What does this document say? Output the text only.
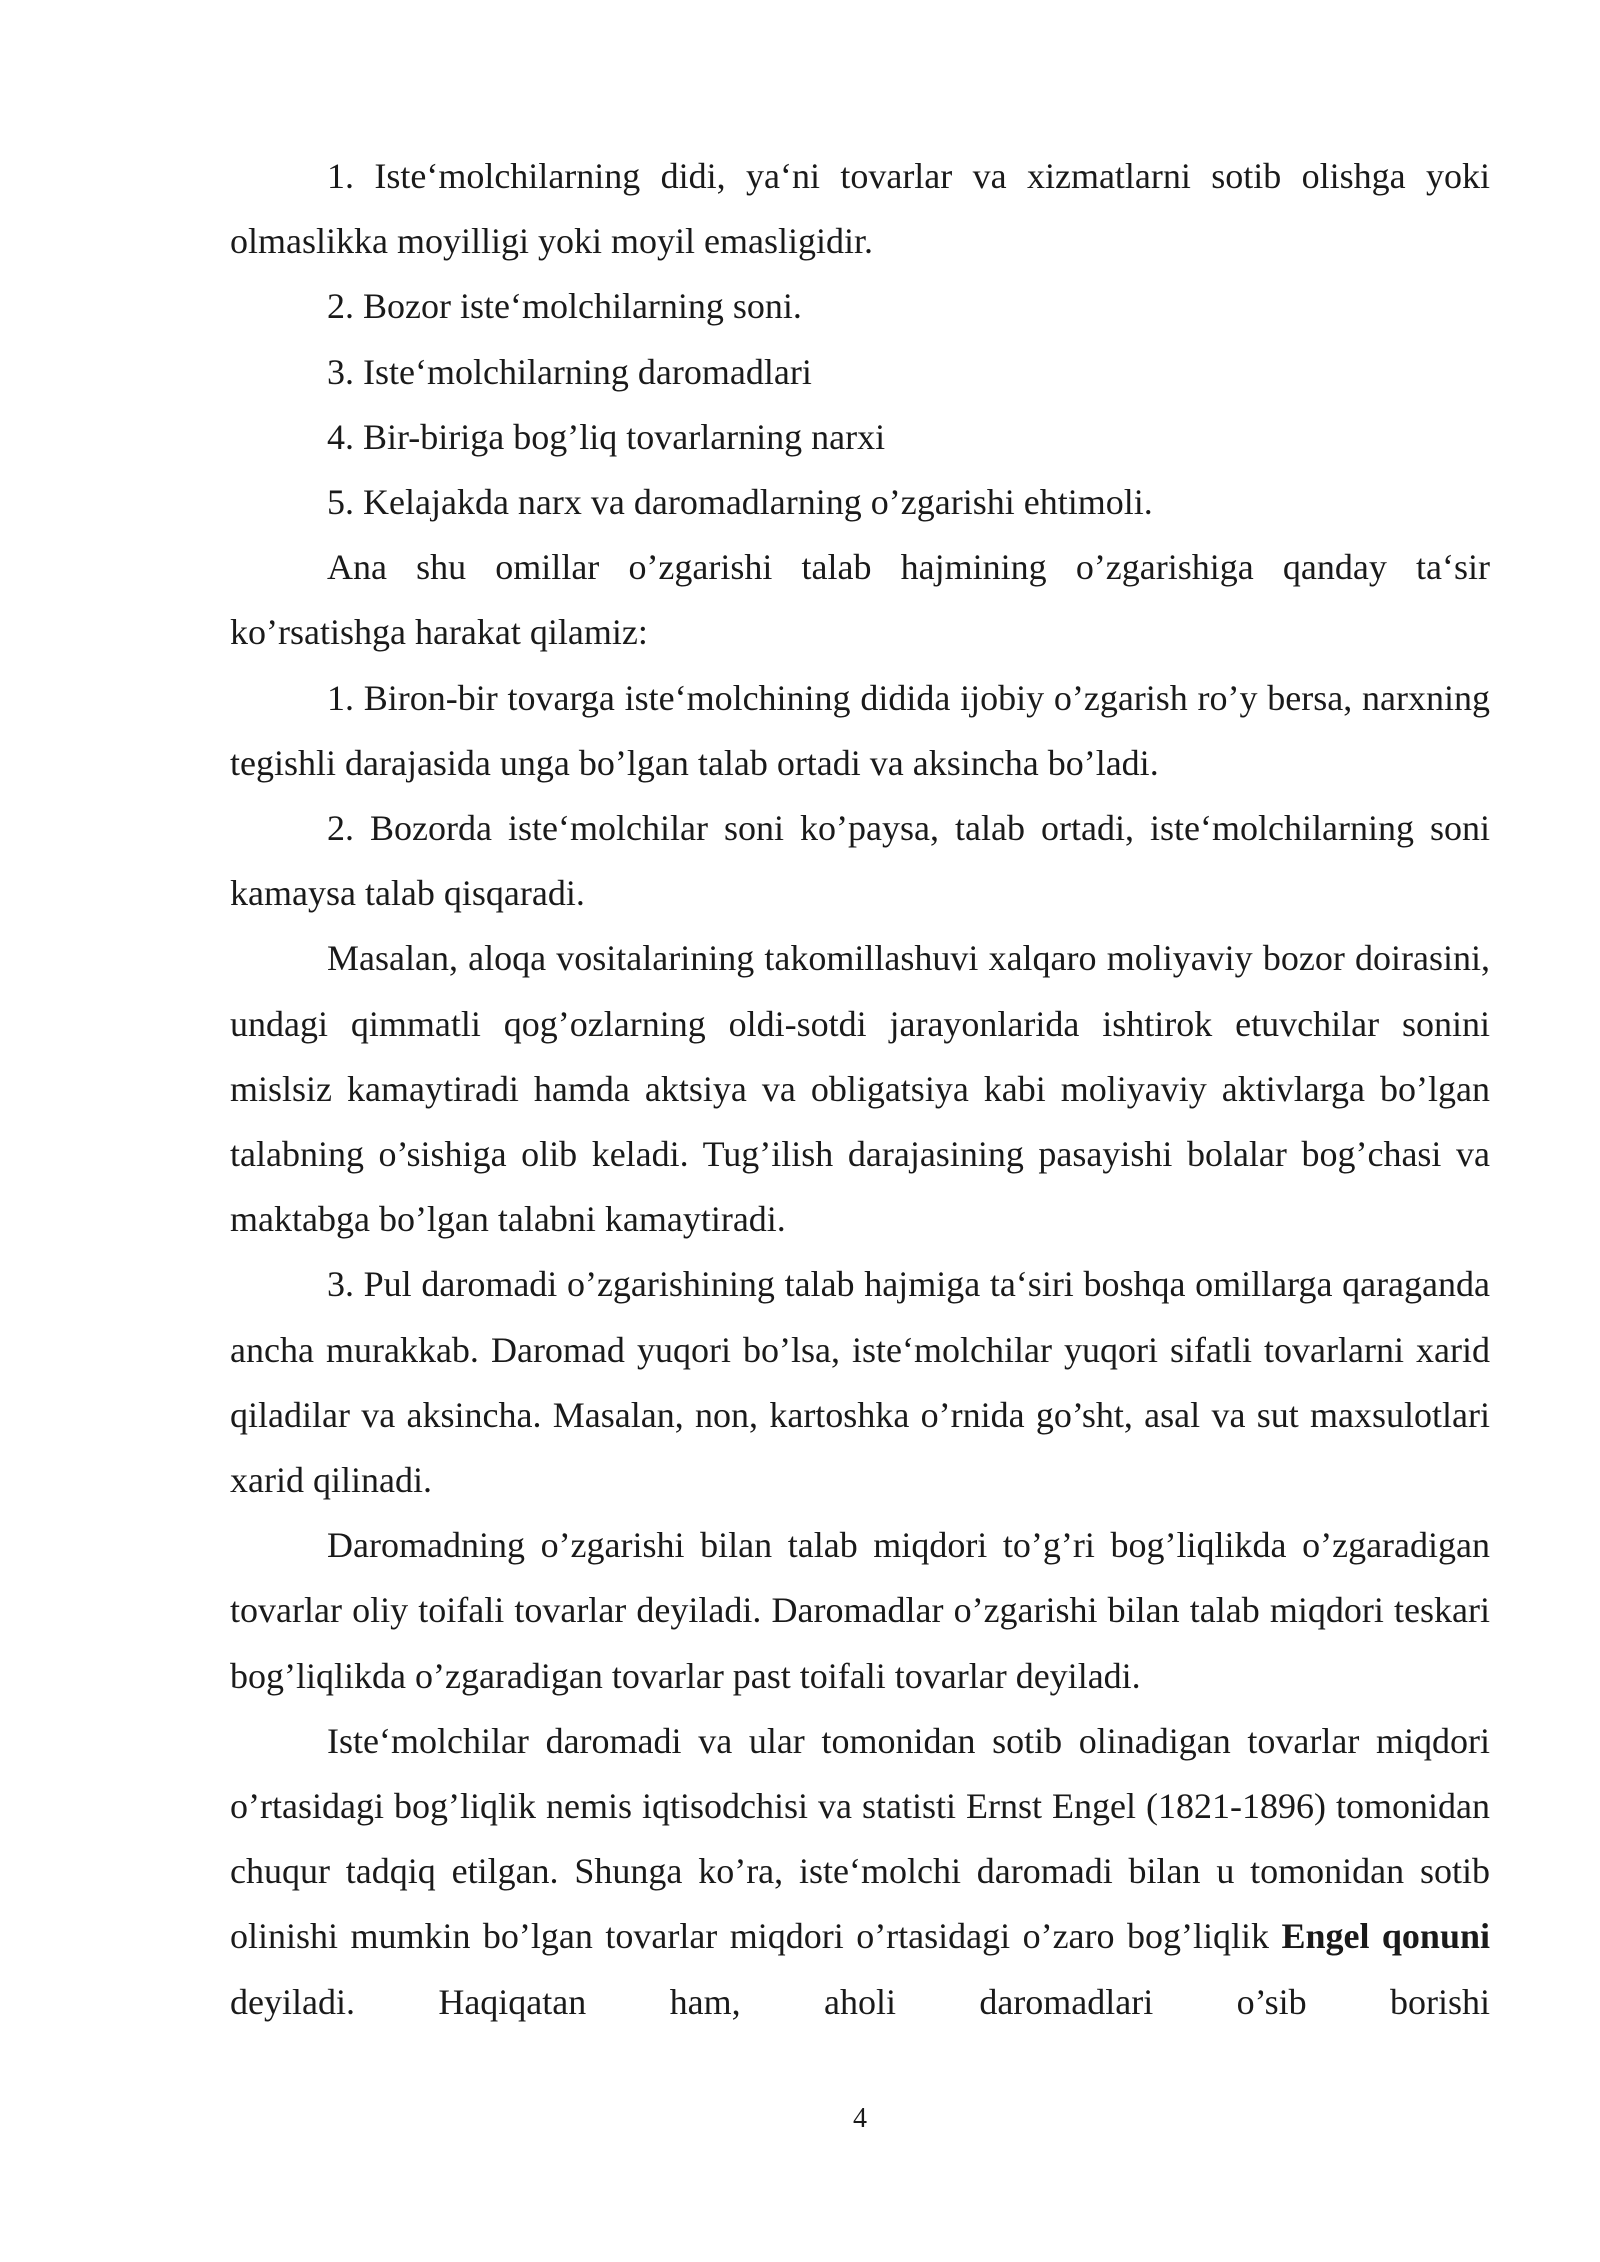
1. Iste‘molchilarning didi, ya‘ni tovarlar va xizmatlarni sotib olishga yoki olmaslikka moyilligi yoki moyil emasligidir.

2. Bozor iste‘molchilarning soni.

3. Iste‘molchilarning daromadlari

4. Bir-biriga bog’liq tovarlarning narxi

5. Kelajakda narx va daromadlarning o’zgarishi ehtimoli.

Ana shu omillar o’zgarishi talab hajmining o’zgarishiga qanday ta‘sir ko’rsatishga harakat qilamiz:

1. Biron-bir tovarga iste‘molchining didida ijobiy o’zgarish ro’y bersa, narxning tegishli darajasida unga bo’lgan talab ortadi va aksincha bo’ladi.

2. Bozorda iste‘molchilar soni ko’paysa, talab ortadi, iste‘molchilarning soni kamaysa talab qisqaradi.

Masalan, aloqa vositalarining takomillashuvi xalqaro moliyaviy bozor doirasini, undagi qimmatli qog’ozlarning oldi-sotdi jarayonlarida ishtirok etuvchilar sonini mislsiz kamaytiradi hamda aktsiya va obligatsiya kabi moliyaviy aktivlarga bo’lgan talabning o’sishiga olib keladi. Tug’ilish darajasining pasayishi bolalar bog’chasi va maktabga bo’lgan talabni kamaytiradi.

3. Pul daromadi o’zgarishining talab hajmiga ta‘siri boshqa omillarga qaraganda ancha murakkab. Daromad yuqori bo’lsa, iste‘molchilar yuqori sifatli tovarlarni xarid qiladilar va aksincha. Masalan, non, kartoshka o’rnida go’sht, asal va sut maxsulotlari xarid qilinadi.

Daromadning o’zgarishi bilan talab miqdori to’g’ri bog’liqlikda o’zgaradigan tovarlar oliy toifali tovarlar deyiladi. Daromadlar o’zgarishi bilan talab miqdori teskari bog’liqlikda o’zgaradigan tovarlar past toifali tovarlar deyiladi.

Iste‘molchilar daromadi va ular tomonidan sotib olinadigan tovarlar miqdori o’rtasidagi bog’liqlik nemis iqtisodchisi va statisti Ernst Engel (1821-1896) tomonidan chuqur tadqiq etilgan. Shunga ko’ra, iste‘molchi daromadi bilan u tomonidan sotib olinishi mumkin bo’lgan tovarlar miqdori o’rtasidagi o’zaro bog’liqlik Engel qonuni deyiladi. Haqiqatan ham, aholi daromadlari o’sib borishi

4
